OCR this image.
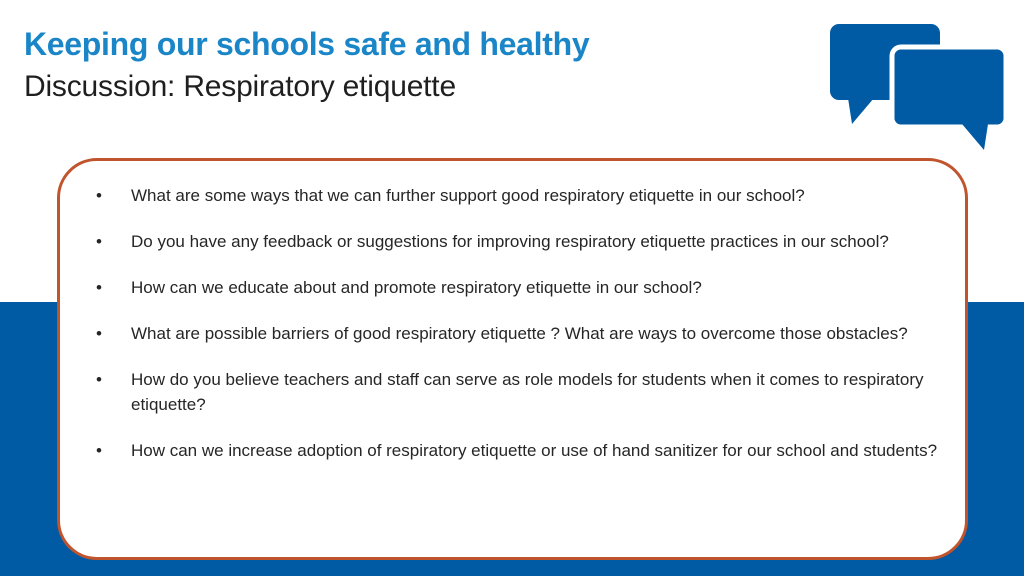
Keeping our schools safe and healthy
Discussion: Respiratory etiquette
• What are some ways that we can further support good respiratory etiquette in our school?
• Do you have any feedback or suggestions for improving respiratory etiquette practices in our school?
• How can we educate about and promote respiratory etiquette in our school?
• What are possible barriers of good respiratory etiquette ? What are ways to overcome those obstacles?
• How do you believe teachers and staff can serve as role models for students when it comes to respiratory etiquette?
• How can we increase adoption of respiratory etiquette or use of hand sanitizer for our school and students?
